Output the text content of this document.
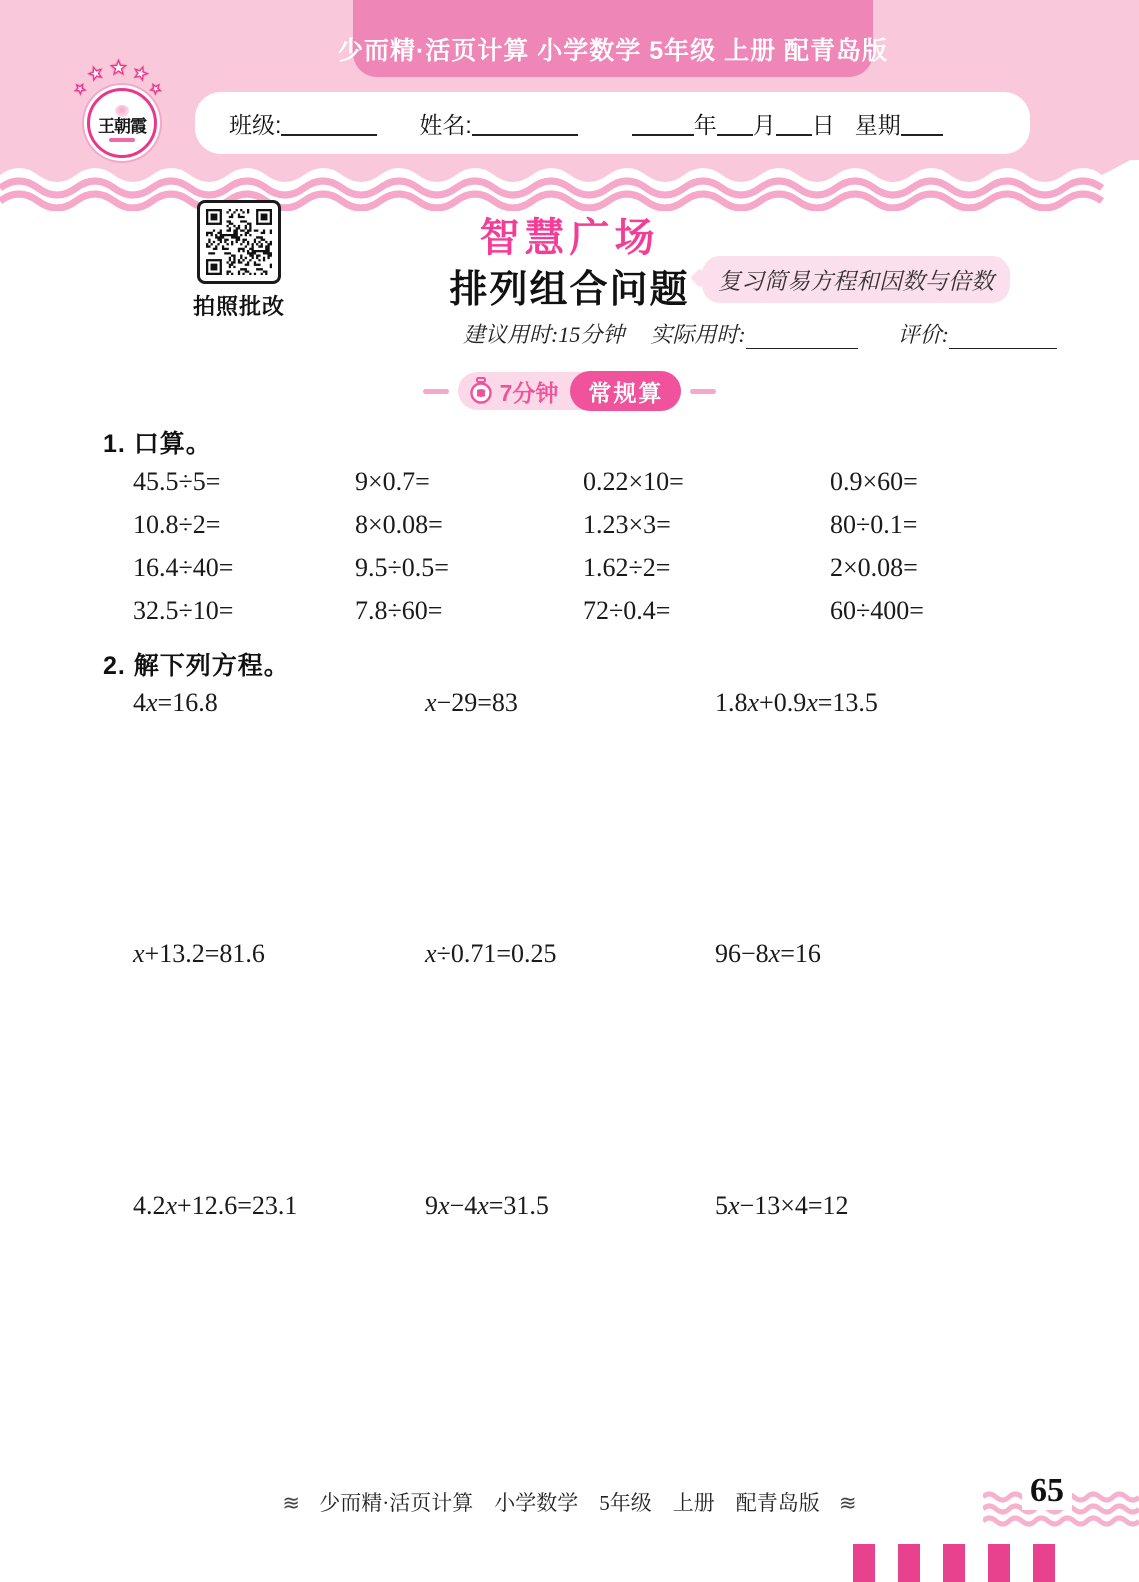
少而精·活页计算 小学数学 5年级 上册 配青岛版
★
★ ★ ★
★
王朝霞	班级:	姓名:	年 月 日 星期
拍照批改
智慧广场
排列组合问题	复习简易方程和因数与倍数
建议用时:15分钟 实际用时:	评价:
7分钟	常规算
1. 口算。
45.5÷5=	9×0.7=	0.22×10=	0.9×60=
10.8÷2=	8×0.08=	1.23×3=	80÷0.1=
16.4÷40=	9.5÷0.5=	1.62÷2=	2×0.08=
32.5÷10=	7.8÷60=	72÷0.4=	60÷400=
2. 解下列方程。
4x=16.8	x−29=83	1.8x+0.9x=13.5
x+13.2=81.6	x÷0.71=0.25	96−8x=16
4.2x+12.6=23.1	9x−4x=31.5	5x−13×4=12
≋ 少而精·活页计算　小学数学　5年级　上册　配青岛版 ≋	65
